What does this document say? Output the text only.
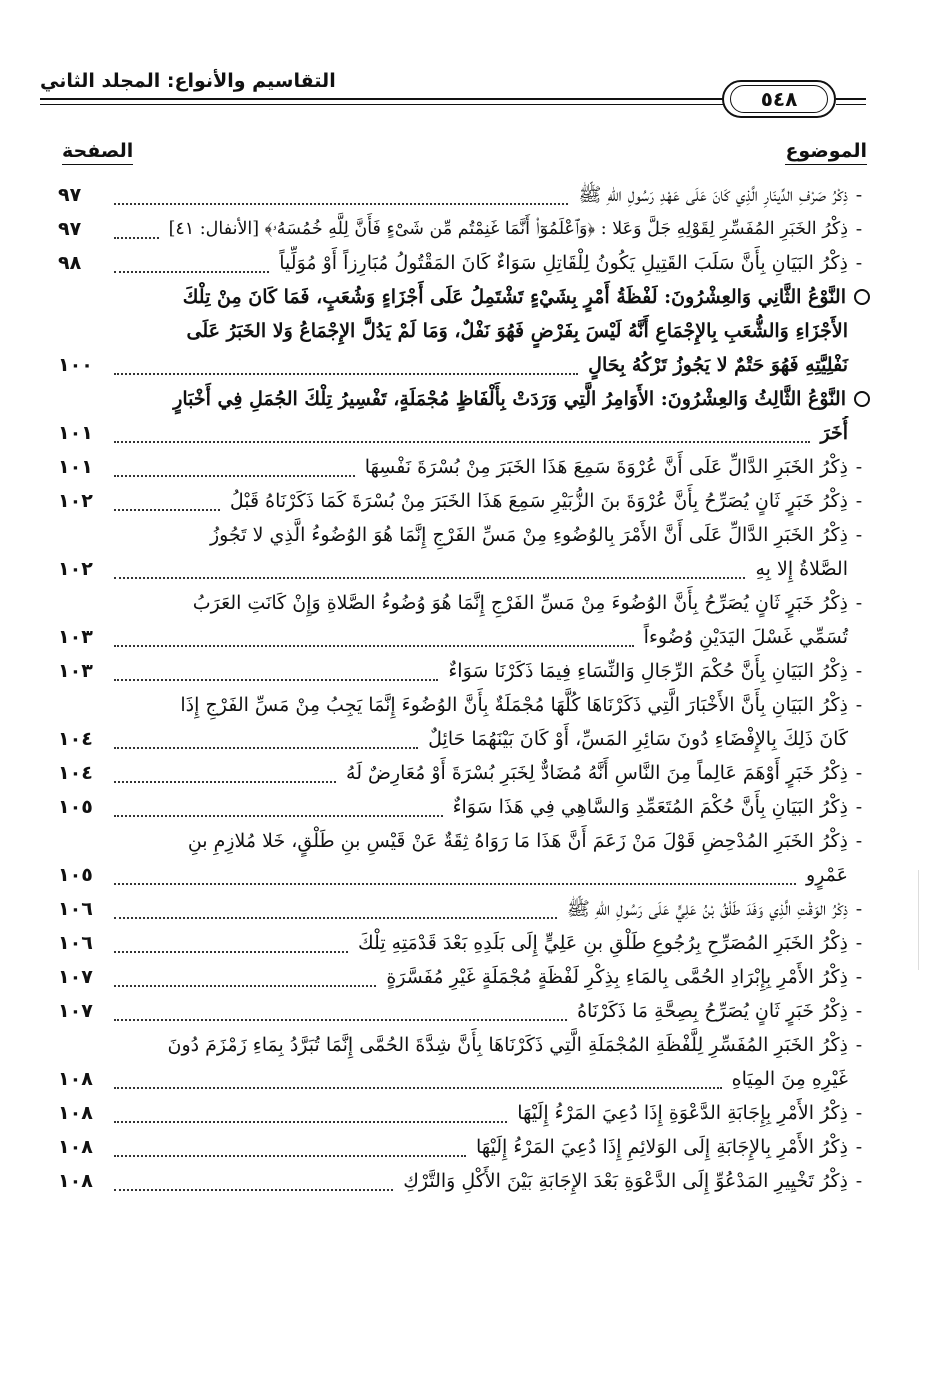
التقاسيم والأنواع: المجلد الثاني
٥٤٨
الموضوع
الصفحة
-
ذِكْرُ صَرْفِ الدِّينَارِ الَّذِي كَانَ عَلَى عَهْدِ رَسُولِ اللهِ ﷺ
٩٧
-
ذِكْرُ الخَبَرِ المُفَسِّرِ لِقَوْلِهِ جَلَّ وَعَلا : ﴿وَٱعْلَمُوٓا۟ أَنَّمَا غَنِمْتُم مِّن شَىْءٍ فَأَنَّ لِلَّهِ خُمُسَهُۥ﴾ [الأنفال: ٤١]
٩٧
-
ذِكْرُ البَيَانِ بِأَنَّ سَلَبَ القَتِيلِ يَكُونُ لِلْقَاتِلِ سَوَاءٌ كَانَ المَقْتُولُ مُبَارِزاً أَوْ مُوَلِّياً
٩٨
النَّوْعُ الثَّانِي وَالعِشْرُونَ: لَفْظَةُ أَمْرٍ بِشَيْءٍ تَشْتَمِلُ عَلَى أَجْزَاءٍ وَشُعَبٍ، فَمَا كَانَ مِنْ تِلْكَ
الأَجْزَاءِ وَالشُّعَبِ بِالإِجْمَاعِ أَنَّهُ لَيْسَ بِفَرْضٍ فَهُوَ نَفْلٌ، وَمَا لَمْ يَدُلَّ الإِجْمَاعُ وَلا الخَبَرُ عَلَى
نَفْلِيَّتِهِ فَهُوَ حَتْمٌ لا يَجُوزُ تَرْكُهُ بِحَالٍ
١٠٠
النَّوْعُ الثَّالِثُ وَالعِشْرُونَ: الأَوَامِرُ الَّتِي وَرَدَتْ بِأَلْفَاظٍ مُجْمَلَةٍ، تَفْسِيرُ تِلْكَ الجُمَلِ فِي أَخْبَارٍ
أُخَرَ
١٠١
-
ذِكْرُ الخَبَرِ الدَّالِّ عَلَى أَنَّ عُرْوَةَ سَمِعَ هَذَا الخَبَرَ مِنْ بُسْرَةَ نَفْسِهَا
١٠١
-
ذِكْرُ خَبَرٍ ثَانٍ يُصَرِّحُ بِأَنَّ عُرْوَةَ بنَ الزُّبَيْرِ سَمِعَ هَذَا الخَبَرَ مِنْ بُسْرَةَ كَمَا ذَكَرْنَاهُ قَبْلُ
١٠٢
-ذِكْرُ الخَبَرِ الدَّالِّ عَلَى أَنَّ الأَمْرَ بِالوُضُوءِ مِنْ مَسِّ الفَرْجِ إِنَّمَا هُوَ الوُضُوءُ الَّذِي لا تَجُوزُ
الصَّلاةُ إِلا بِهِ
١٠٢
-ذِكْرُ خَبَرٍ ثَانٍ يُصَرِّحُ بِأَنَّ الوُضُوءَ مِنْ مَسِّ الفَرْجِ إِنَّمَا هُوَ وُضُوءُ الصَّلاةِ وَإِنْ كَانَتِ العَرَبُ
تُسَمِّي غَسْلَ اليَدَيْنِ وُضُوءاً
١٠٣
-
ذِكْرُ البَيَانِ بِأَنَّ حُكْمَ الرِّجَالِ وَالنِّسَاءِ فِيمَا ذَكَرْنَا سَوَاءٌ
١٠٣
-ذِكْرُ البَيَانِ بِأَنَّ الأَخْبَارَ الَّتِي ذَكَرْنَاهَا كُلَّهَا مُجْمَلَةٌ بِأَنَّ الوُضُوءَ إِنَّمَا يَجِبُ مِنْ مَسِّ الفَرْجِ إِذَا
كَانَ ذَلِكَ بِالإِفْضَاءِ دُونَ سَائِرِ المَسِّ، أَوْ كَانَ بَيْنَهُمَا حَائِلٌ
١٠٤
-
ذِكْرُ خَبَرٍ أَوْهَمَ عَالِماً مِنَ النَّاسِ أَنَّهُ مُضَادٌّ لِخَبَرِ بُسْرَةَ أَوْ مُعَارِضٌ لَهُ
١٠٤
-
ذِكْرُ البَيَانِ بِأَنَّ حُكْمَ المُتَعَمِّدِ وَالسَّاهِي فِي هَذَا سَوَاءٌ
١٠٥
-ذِكْرُ الخَبَرِ المُدْحِضِ قَوْلَ مَنْ زَعَمَ أَنَّ هَذَا مَا رَوَاهُ ثِقَةٌ عَنْ قَيْسِ بنِ طَلْقٍ، خَلا مُلازِمِ بنِ
عَمْرٍو
١٠٥
-
ذِكْرُ الوَقْتِ الَّذِي وَفَدَ طَلْقُ بْنُ عَلِيٍّ عَلَى رَسُولِ اللهِ ﷺ
١٠٦
-
ذِكْرُ الخَبَرِ المُصَرِّحِ بِرُجُوعِ طَلْقِ بنِ عَلِيٍّ إِلَى بَلَدِهِ بَعْدَ قَدْمَتِهِ تِلْكَ
١٠٦
-
ذِكْرُ الأَمْرِ بِإِبْرَادِ الحُمَّى بِالمَاءِ بِذِكْرِ لَفْظَةٍ مُجْمَلَةٍ غَيْرِ مُفَسَّرَةٍ
١٠٧
-
ذِكْرُ خَبَرٍ ثَانٍ يُصَرِّحُ بِصِحَّةِ مَا ذَكَرْنَاهُ
١٠٧
-ذِكْرُ الخَبَرِ المُفَسِّرِ لِلَّفْظَةِ المُجْمَلَةِ الَّتِي ذَكَرْنَاهَا بِأَنَّ شِدَّةَ الحُمَّى إِنَّمَا تُبَرَّدُ بِمَاءِ زَمْزَمَ دُونَ
غَيْرِهِ مِنَ المِيَاهِ
١٠٨
-
ذِكْرُ الأَمْرِ بِإِجَابَةِ الدَّعْوَةِ إِذَا دُعِيَ المَرْءُ إِلَيْهَا
١٠٨
-
ذِكْرُ الأَمْرِ بِالإِجَابَةِ إِلَى الوَلائِمِ إِذَا دُعِيَ المَرْءُ إِلَيْهَا
١٠٨
-
ذِكْرُ تَخْيِيرِ المَدْعُوِّ إِلَى الدَّعْوَةِ بَعْدَ الإِجَابَةِ بَيْنَ الأَكْلِ وَالتَّرْكِ
١٠٨
